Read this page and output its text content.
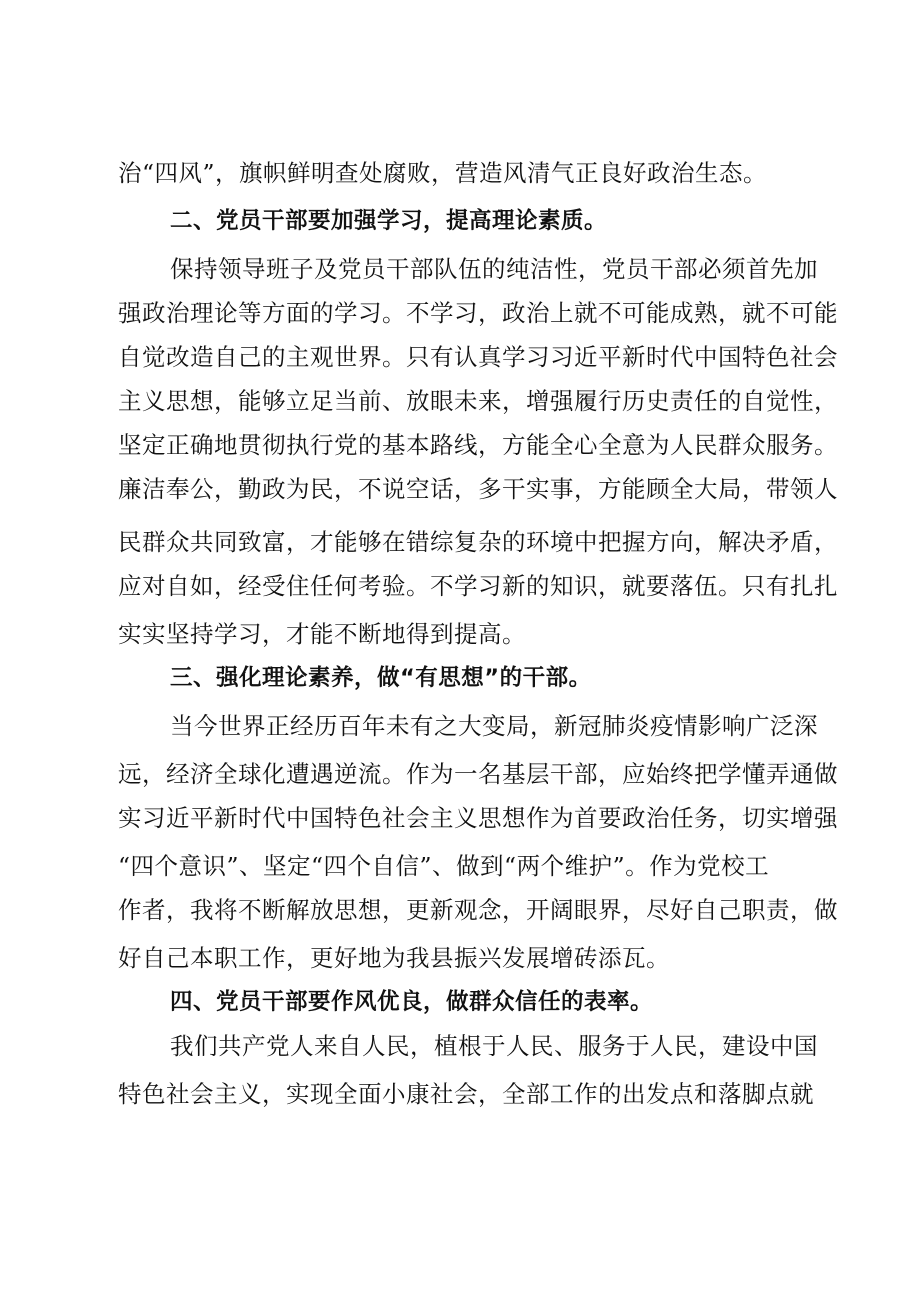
治“四风”，旗帜鲜明查处腐败，营造风清气正良好政治生态。
二、党员干部要加强学习，提高理论素质。
保持领导班子及党员干部队伍的纯洁性，党员干部必须首先加
强政治理论等方面的学习。不学习，政治上就不可能成熟，就不可能
自觉改造自己的主观世界。只有认真学习习近平新时代中国特色社会
主义思想，能够立足当前、放眼未来，增强履行历史责任的自觉性，
坚定正确地贯彻执行党的基本路线，方能全心全意为人民群众服务。
廉洁奉公，勤政为民，不说空话，多干实事，方能顾全大局，带领人
民群众共同致富，才能够在错综复杂的环境中把握方向，解决矛盾，
应对自如，经受住任何考验。不学习新的知识，就要落伍。只有扎扎
实实坚持学习，才能不断地得到提高。
三、强化理论素养，做“有思想”的干部。
当今世界正经历百年未有之大变局，新冠肺炎疫情影响广泛深
远，经济全球化遭遇逆流。作为一名基层干部，应始终把学懂弄通做
实习近平新时代中国特色社会主义思想作为首要政治任务，切实增强
“四个意识”、坚定“四个自信”、做到“两个维护”。作为党校工
作者，我将不断解放思想，更新观念，开阔眼界，尽好自己职责，做
好自己本职工作，更好地为我县振兴发展增砖添瓦。
四、党员干部要作风优良，做群众信任的表率。
我们共产党人来自人民，植根于人民、服务于人民，建设中国
特色社会主义，实现全面小康社会，全部工作的出发点和落脚点就
